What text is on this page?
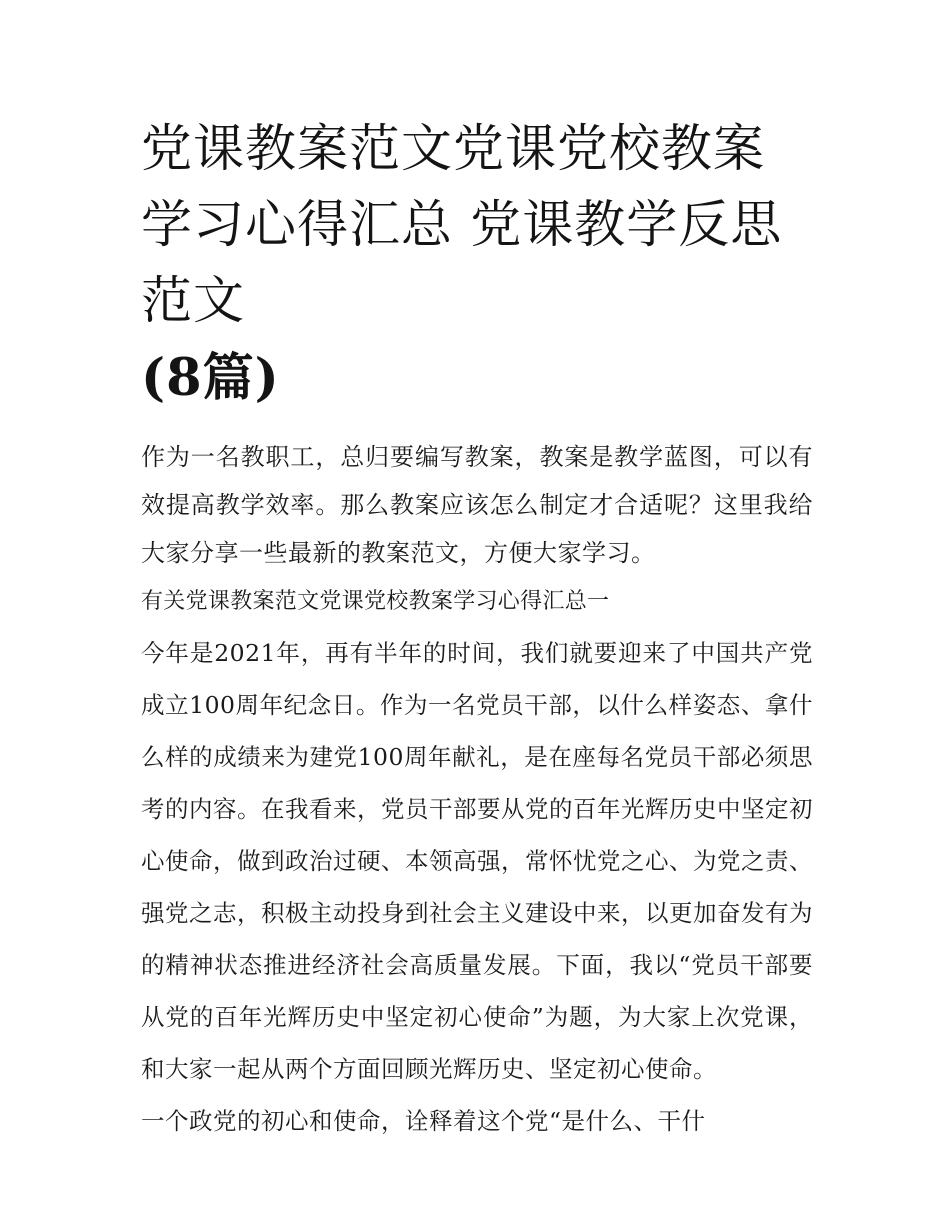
党课教案范文党课党校教案学习心得汇总 党课教学反思范文
(8篇)

作为一名教职工，总归要编写教案，教案是教学蓝图，可以有效提高教学效率。那么教案应该怎么制定才合适呢？这里我给大家分享一些最新的教案范文，方便大家学习。

有关党课教案范文党课党校教案学习心得汇总一

今年是2021年，再有半年的时间，我们就要迎来了中国共产党成立100周年纪念日。作为一名党员干部，以什么样姿态、拿什么样的成绩来为建党100周年献礼，是在座每名党员干部必须思考的内容。在我看来，党员干部要从党的百年光辉历史中坚定初心使命，做到政治过硬、本领高强，常怀忧党之心、为党之责、强党之志，积极主动投身到社会主义建设中来，以更加奋发有为的精神状态推进经济社会高质量发展。下面，我以“党员干部要从党的百年光辉历史中坚定初心使命”为题，为大家上次党课，和大家一起从两个方面回顾光辉历史、坚定初心使命。

一个政党的初心和使命，诠释着这个党“是什么、干什
